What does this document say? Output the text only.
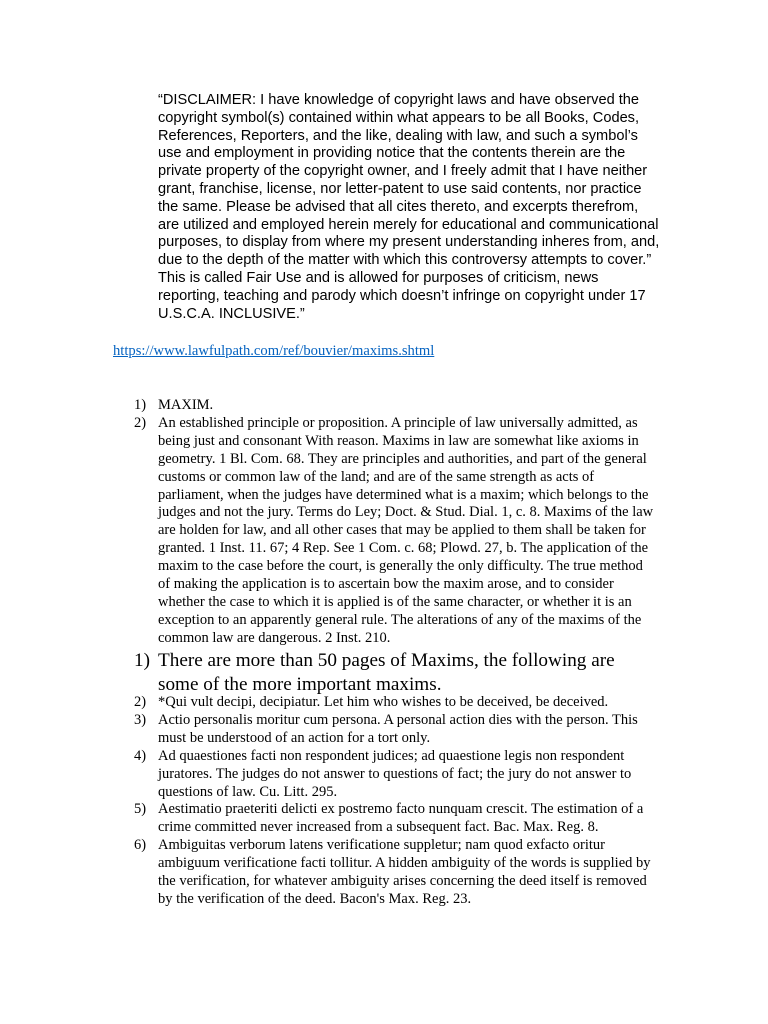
“DISCLAIMER: I have knowledge of copyright laws and have observed the copyright symbol(s) contained within what appears to be all Books, Codes, References, Reporters, and the like, dealing with law, and such a symbol’s use and employment in providing notice that the contents therein are the private property of the copyright owner, and I freely admit that I have neither grant, franchise, license, nor letter-patent to use said contents, nor practice the same. Please be advised that all cites thereto, and excerpts therefrom, are utilized and employed herein merely for educational and communicational purposes, to display from where my present understanding inheres from, and, due to the depth of the matter with which this controversy attempts to cover.” This is called Fair Use and is allowed for purposes of criticism, news reporting, teaching and parody which doesn’t infringe on copyright under 17 U.S.C.A. INCLUSIVE.”

https://www.lawfulpath.com/ref/bouvier/maxims.shtml
1) MAXIM.
2) An established principle or proposition. A principle of law universally admitted, as being just and consonant With reason. Maxims in law are somewhat like axioms in geometry. 1 Bl. Com. 68. They are principles and authorities, and part of the general customs or common law of the land; and are of the same strength as acts of parliament, when the judges have determined what is a maxim; which belongs to the judges and not the jury. Terms do Ley; Doct. & Stud. Dial. 1, c. 8. Maxims of the law are holden for law, and all other cases that may be applied to them shall be taken for granted. 1 Inst. 11. 67; 4 Rep. See 1 Com. c. 68; Plowd. 27, b. The application of the maxim to the case before the court, is generally the only difficulty. The true method of making the application is to ascertain bow the maxim arose, and to consider whether the case to which it is applied is of the same character, or whether it is an exception to an apparently general rule. The alterations of any of the maxims of the common law are dangerous. 2 Inst. 210.
1) There are more than 50 pages of Maxims, the following are some of the more important maxims.
2) *Qui vult decipi, decipiatur. Let him who wishes to be deceived, be deceived.
3) Actio personalis moritur cum persona. A personal action dies with the person. This must be understood of an action for a tort only.
4) Ad quaestiones facti non respondent judices; ad quaestione legis non respondent juratores. The judges do not answer to questions of fact; the jury do not answer to questions of law. Cu. Litt. 295.
5) Aestimatio praeteriti delicti ex postremo facto nunquam crescit. The estimation of a crime committed never increased from a subsequent fact. Bac. Max. Reg. 8.
6) Ambiguitas verborum latens verificatione suppletur; nam quod exfacto oritur ambiguum verificatione facti tollitur. A hidden ambiguity of the words is supplied by the verification, for whatever ambiguity arises concerning the deed itself is removed by the verification of the deed. Bacon's Max. Reg. 23.
